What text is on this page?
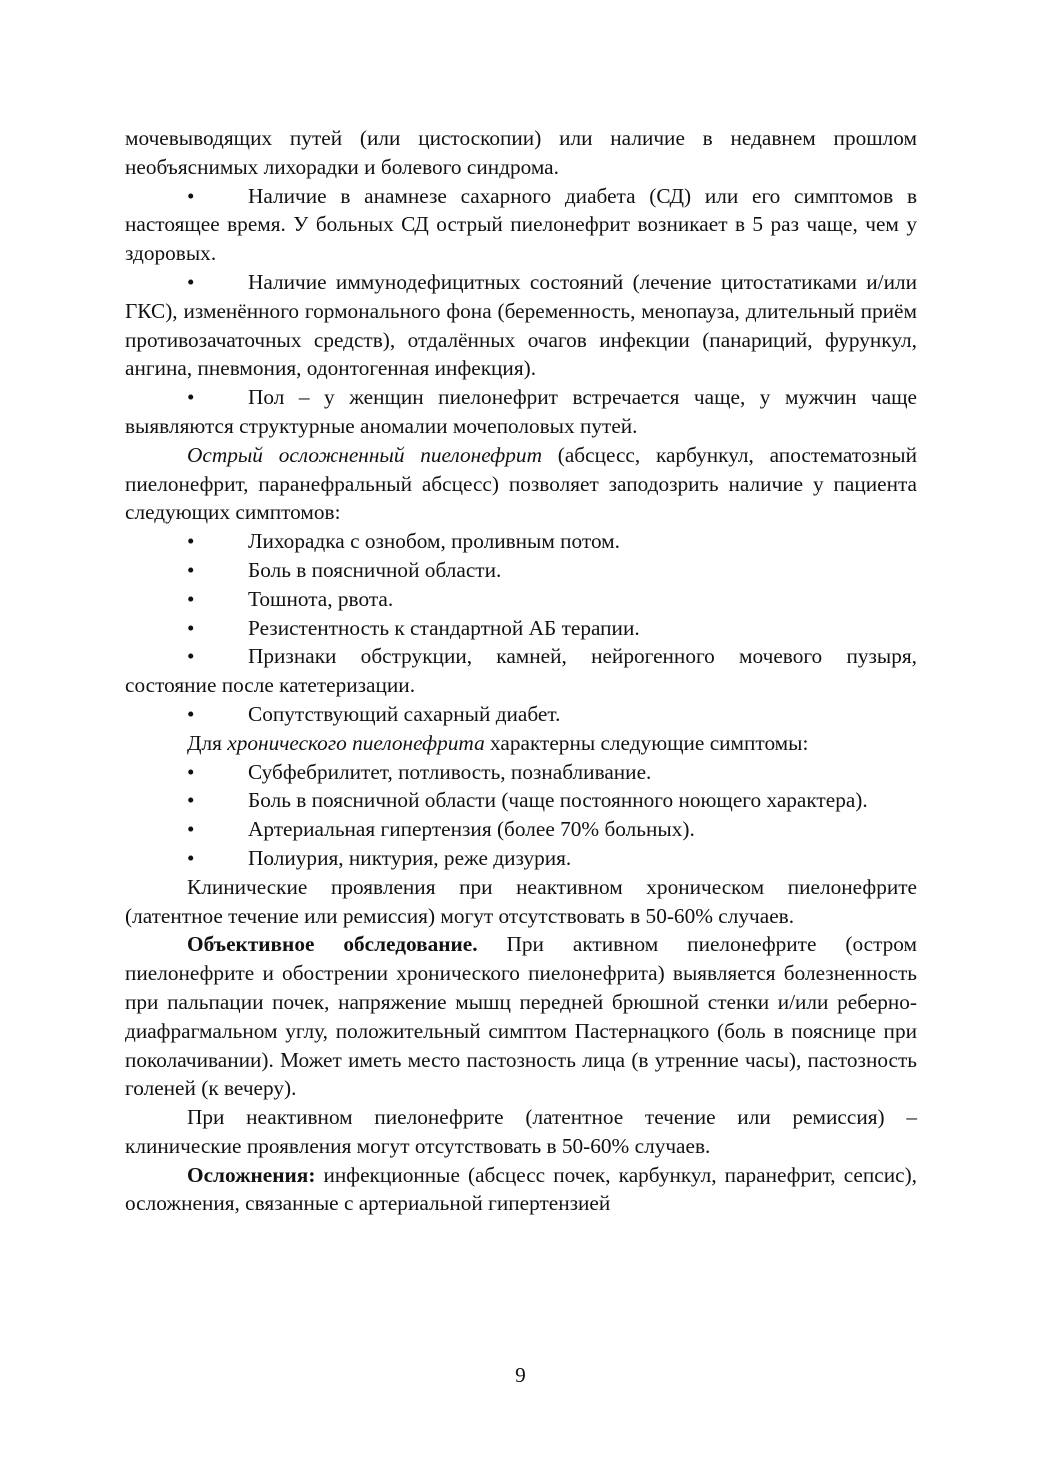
мочевыводящих путей (или цистоскопии) или наличие в недавнем прошлом необъяснимых лихорадки и болевого синдрома.

•	Наличие в анамнезе сахарного диабета (СД) или его симптомов в настоящее время. У больных СД острый пиелонефрит возникает в 5 раз чаще, чем у здоровых.

•	Наличие иммунодефицитных состояний (лечение цитостатиками и/или ГКС), изменённого гормонального фона (беременность, менопауза, длительный приём противозачаточных средств), отдалённых очагов инфекции (панариций, фурункул, ангина, пневмония, одонтогенная инфекция).

•	Пол – у женщин пиелонефрит встречается чаще, у мужчин чаще выявляются структурные аномалии мочеполовых путей.

Острый осложненный пиелонефрит (абсцесс, карбункул, апостематозный пиелонефрит, паранефральный абсцесс) позволяет заподозрить наличие у пациента следующих симптомов:

•	Лихорадка с ознобом, проливным потом.

•	Боль в поясничной области.

•	Тошнота, рвота.

•	Резистентность к стандартной АБ терапии.

•	Признаки обструкции, камней, нейрогенного мочевого пузыря, состояние после катетеризации.

•	Сопутствующий сахарный диабет.

Для хронического пиелонефрита характерны следующие симптомы:

•	Субфебрилитет, потливость, познабливание.

•	Боль в поясничной области (чаще постоянного ноющего характера).

•	Артериальная гипертензия (более 70% больных).

•	Полиурия, никтурия, реже дизурия.

Клинические проявления при неактивном хроническом пиелонефрите (латентное течение или ремиссия) могут отсутствовать в 50-60% случаев.

Объективное обследование. При активном пиелонефрите (остром пиелонефрите и обострении хронического пиелонефрита) выявляется болезненность при пальпации почек, напряжение мышц передней брюшной стенки и/или реберно-диафрагмальном углу, положительный симптом Пастернацкого (боль в пояснице при поколачивании). Может иметь место пастозность лица (в утренние часы), пастозность голеней (к вечеру).

При неактивном пиелонефрите (латентное течение или ремиссия) – клинические проявления могут отсутствовать в 50-60% случаев.

Осложнения: инфекционные (абсцесс почек, карбункул, паранефрит, сепсис), осложнения, связанные с артериальной гипертензией

9
